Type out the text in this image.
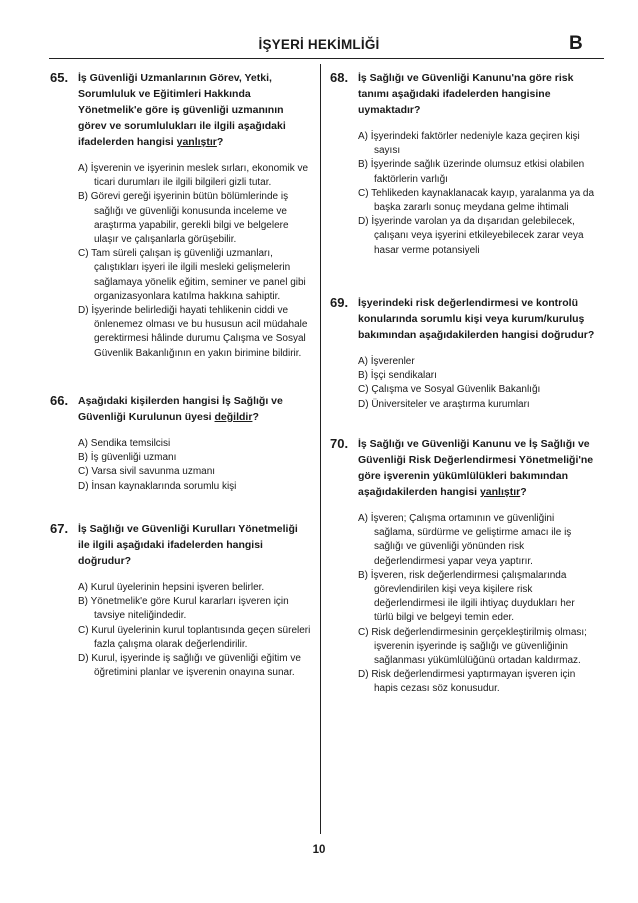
İŞYERİ HEKİMLİĞİ	B
65. İş Güvenliği Uzmanlarının Görev, Yetki, Sorumluluk ve Eğitimleri Hakkında Yönetmelik'e göre iş güvenliği uzmanının görev ve sorumlulukları ile ilgili aşağıdaki ifadelerden hangisi yanlıştır?
A) İşverenin ve işyerinin meslek sırları, ekonomik ve ticari durumları ile ilgili bilgileri gizli tutar.
B) Görevi gereği işyerinin bütün bölümlerinde iş sağlığı ve güvenliği konusunda inceleme ve araştırma yapabilir, gerekli bilgi ve belgelere ulaşır ve çalışanlarla görüşebilir.
C) Tam süreli çalışan iş güvenliği uzmanları, çalıştıkları işyeri ile ilgili mesleki gelişmelerin sağlamaya yönelik eğitim, seminer ve panel gibi organizasyonlara katılma hakkına sahiptir.
D) İşyerinde belirlediği hayati tehlikenin ciddi ve önlenemez olması ve bu hususun acil müdahale gerektirmesi hâlinde durumu Çalışma ve Sosyal Güvenlik Bakanlığının en yakın birimine bildirir.
66. Aşağıdaki kişilerden hangisi İş Sağlığı ve Güvenliği Kurulunun üyesi değildir?
A) Sendika temsilcisi
B) İş güvenliği uzmanı
C) Varsa sivil savunma uzmanı
D) İnsan kaynaklarında sorumlu kişi
67. İş Sağlığı ve Güvenliği Kurulları Yönetmeliği ile ilgili aşağıdaki ifadelerden hangisi doğrudur?
A) Kurul üyelerinin hepsini işveren belirler.
B) Yönetmelik'e göre Kurul kararları işveren için tavsiye niteliğindedir.
C) Kurul üyelerinin kurul toplantısında geçen süreleri fazla çalışma olarak değerlendirilir.
D) Kurul, işyerinde iş sağlığı ve güvenliği eğitim ve öğretimini planlar ve işverenin onayına sunar.
68. İş Sağlığı ve Güvenliği Kanunu'na göre risk tanımı aşağıdaki ifadelerden hangisine uymaktadır?
A) İşyerindeki faktörler nedeniyle kaza geçiren kişi sayısı
B) İşyerinde sağlık üzerinde olumsuz etkisi olabilen faktörlerin varlığı
C) Tehlikeden kaynaklanacak kayıp, yaralanma ya da başka zararlı sonuç meydana gelme ihtimali
D) İşyerinde varolan ya da dışarıdan gelebilecek, çalışanı veya işyerini etkileyebilecek zarar veya hasar verme potansiyeli
69. İşyerindeki risk değerlendirmesi ve kontrolü konularında sorumlu kişi veya kurum/kuruluş bakımından aşağıdakilerden hangisi doğrudur?
A) İşverenler
B) İşçi sendikaları
C) Çalışma ve Sosyal Güvenlik Bakanlığı
D) Üniversiteler ve araştırma kurumları
70. İş Sağlığı ve Güvenliği Kanunu ve İş Sağlığı ve Güvenliği Risk Değerlendirmesi Yönetmeliği'ne göre işverenin yükümlülükleri bakımından aşağıdakilerden hangisi yanlıştır?
A) İşveren; Çalışma ortamının ve güvenliğini sağlama, sürdürme ve geliştirme amacı ile iş sağlığı ve güvenliği yönünden risk değerlendirmesi yapar veya yaptırır.
B) İşveren, risk değerlendirmesi çalışmalarında görevlendirilen kişi veya kişilere risk değerlendirmesi ile ilgili ihtiyaç duydukları her türlü bilgi ve belgeyi temin eder.
C) Risk değerlendirmesinin gerçekleştirilmiş olması; işverenin işyerinde iş sağlığı ve güvenliğinin sağlanması yükümlülüğünü ortadan kaldırmaz.
D) Risk değerlendirmesi yaptırmayan işveren için hapis cezası söz konusudur.
10
